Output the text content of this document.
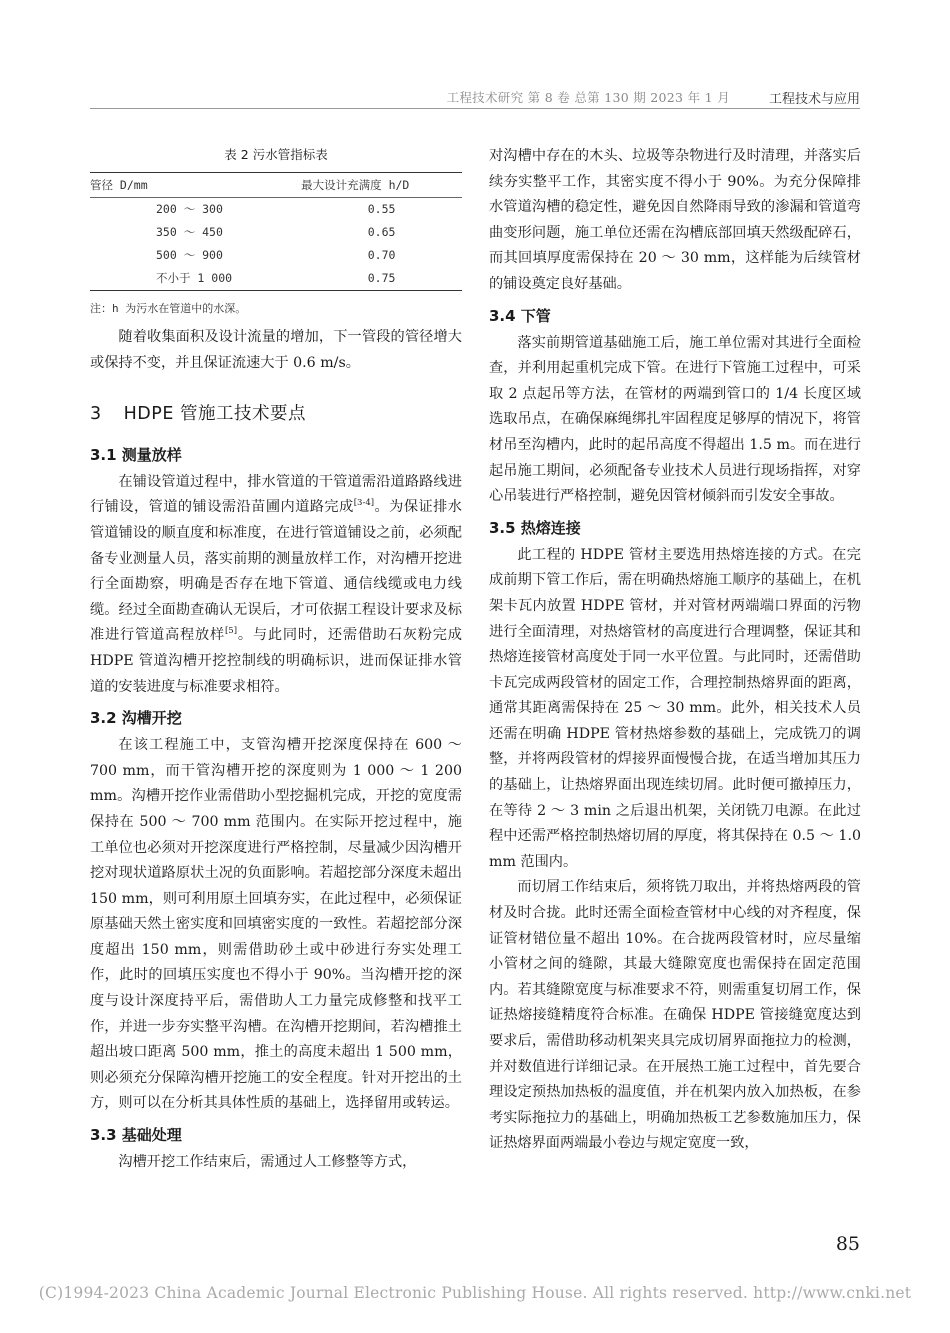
工程技术研究 第 8 卷 总第 130 期 2023 年 1 月	工程技术与应用
表 2 污水管指标表
管径 D/mm	最大设计充满度 h/D
200 ～ 300	0.55
350 ～ 450	0.65
500 ～ 900	0.70
不小于 1 000	0.75
注：h 为污水在管道中的水深。

随着收集面积及设计流量的增加，下一管段的管径增大或保持不变，并且保证流速大于 0.6 m/s。

3 HDPE 管施工技术要点
3.1 测量放样

在铺设管道过程中，排水管道的干管道需沿道路路线进行铺设，管道的铺设需沿苗圃内道路完成[3-4]。为保证排水管道铺设的顺直度和标准度，在进行管道铺设之前，必须配备专业测量人员，落实前期的测量放样工作，对沟槽开挖进行全面勘察，明确是否存在地下管道、通信线缆或电力线缆。经过全面勘查确认无误后，才可依据工程设计要求及标准进行管道高程放样[5]。与此同时，还需借助石灰粉完成 HDPE 管道沟槽开挖控制线的明确标识，进而保证排水管道的安装进度与标准要求相符。

3.2 沟槽开挖

在该工程施工中，支管沟槽开挖深度保持在 600 ～ 700 mm，而干管沟槽开挖的深度则为 1 000 ～ 1 200 mm。沟槽开挖作业需借助小型挖掘机完成，开挖的宽度需保持在 500 ～ 700 mm 范围内。在实际开挖过程中，施工单位也必须对开挖深度进行严格控制，尽量减少因沟槽开挖对现状道路原状土况的负面影响。若超挖部分深度未超出 150 mm，则可利用原土回填夯实，在此过程中，必须保证原基础天然土密实度和回填密实度的一致性。若超挖部分深度超出 150 mm，则需借助砂土或中砂进行夯实处理工作，此时的回填压实度也不得小于 90%。当沟槽开挖的深度与设计深度持平后，需借助人工力量完成修整和找平工作，并进一步夯实整平沟槽。在沟槽开挖期间，若沟槽推土超出坡口距离 500 mm，推土的高度未超出 1 500 mm，则必须充分保障沟槽开挖施工的安全程度。针对开挖出的土方，则可以在分析其具体性质的基础上，选择留用或转运。

3.3 基础处理

沟槽开挖工作结束后，需通过人工修整等方式，

对沟槽中存在的木头、垃圾等杂物进行及时清理，并落实后续夯实整平工作，其密实度不得小于 90%。为充分保障排水管道沟槽的稳定性，避免因自然降雨导致的渗漏和管道弯曲变形问题，施工单位还需在沟槽底部回填天然级配碎石，而其回填厚度需保持在 20 ～ 30 mm，这样能为后续管材的铺设奠定良好基础。

3.4 下管

落实前期管道基础施工后，施工单位需对其进行全面检查，并利用起重机完成下管。在进行下管施工过程中，可采取 2 点起吊等方法，在管材的两端到管口的 1/4 长度区域选取吊点，在确保麻绳绑扎牢固程度足够厚的情况下，将管材吊至沟槽内，此时的起吊高度不得超出 1.5 m。而在进行起吊施工期间，必须配备专业技术人员进行现场指挥，对穿心吊装进行严格控制，避免因管材倾斜而引发安全事故。

3.5 热熔连接

此工程的 HDPE 管材主要选用热熔连接的方式。在完成前期下管工作后，需在明确热熔施工顺序的基础上，在机架卡瓦内放置 HDPE 管材，并对管材两端端口界面的污物进行全面清理，对热熔管材的高度进行合理调整，保证其和热熔连接管材高度处于同一水平位置。与此同时，还需借助卡瓦完成两段管材的固定工作，合理控制热熔界面的距离，通常其距离需保持在 25 ～ 30 mm。此外，相关技术人员还需在明确 HDPE 管材热熔参数的基础上，完成铣刀的调整，并将两段管材的焊接界面慢慢合拢，在适当增加其压力的基础上，让热熔界面出现连续切屑。此时便可撤掉压力，在等待 2 ～ 3 min 之后退出机架，关闭铣刀电源。在此过程中还需严格控制热熔切屑的厚度，将其保持在 0.5 ～ 1.0 mm 范围内。

而切屑工作结束后，须将铣刀取出，并将热熔两段的管材及时合拢。此时还需全面检查管材中心线的对齐程度，保证管材错位量不超出 10%。在合拢两段管材时，应尽量缩小管材之间的缝隙，其最大缝隙宽度也需保持在固定范围内。若其缝隙宽度与标准要求不符，则需重复切屑工作，保证热熔接缝精度符合标准。在确保 HDPE 管接缝宽度达到要求后，需借助移动机架夹具完成切屑界面拖拉力的检测，并对数值进行详细记录。在开展热工施工过程中，首先要合理设定预热加热板的温度值，并在机架内放入加热板，在参考实际拖拉力的基础上，明确加热板工艺参数施加压力，保证热熔界面两端最小卷边与规定宽度一致，

85
(C)1994-2023 China Academic Journal Electronic Publishing House. All rights reserved. http://www.cnki.net
